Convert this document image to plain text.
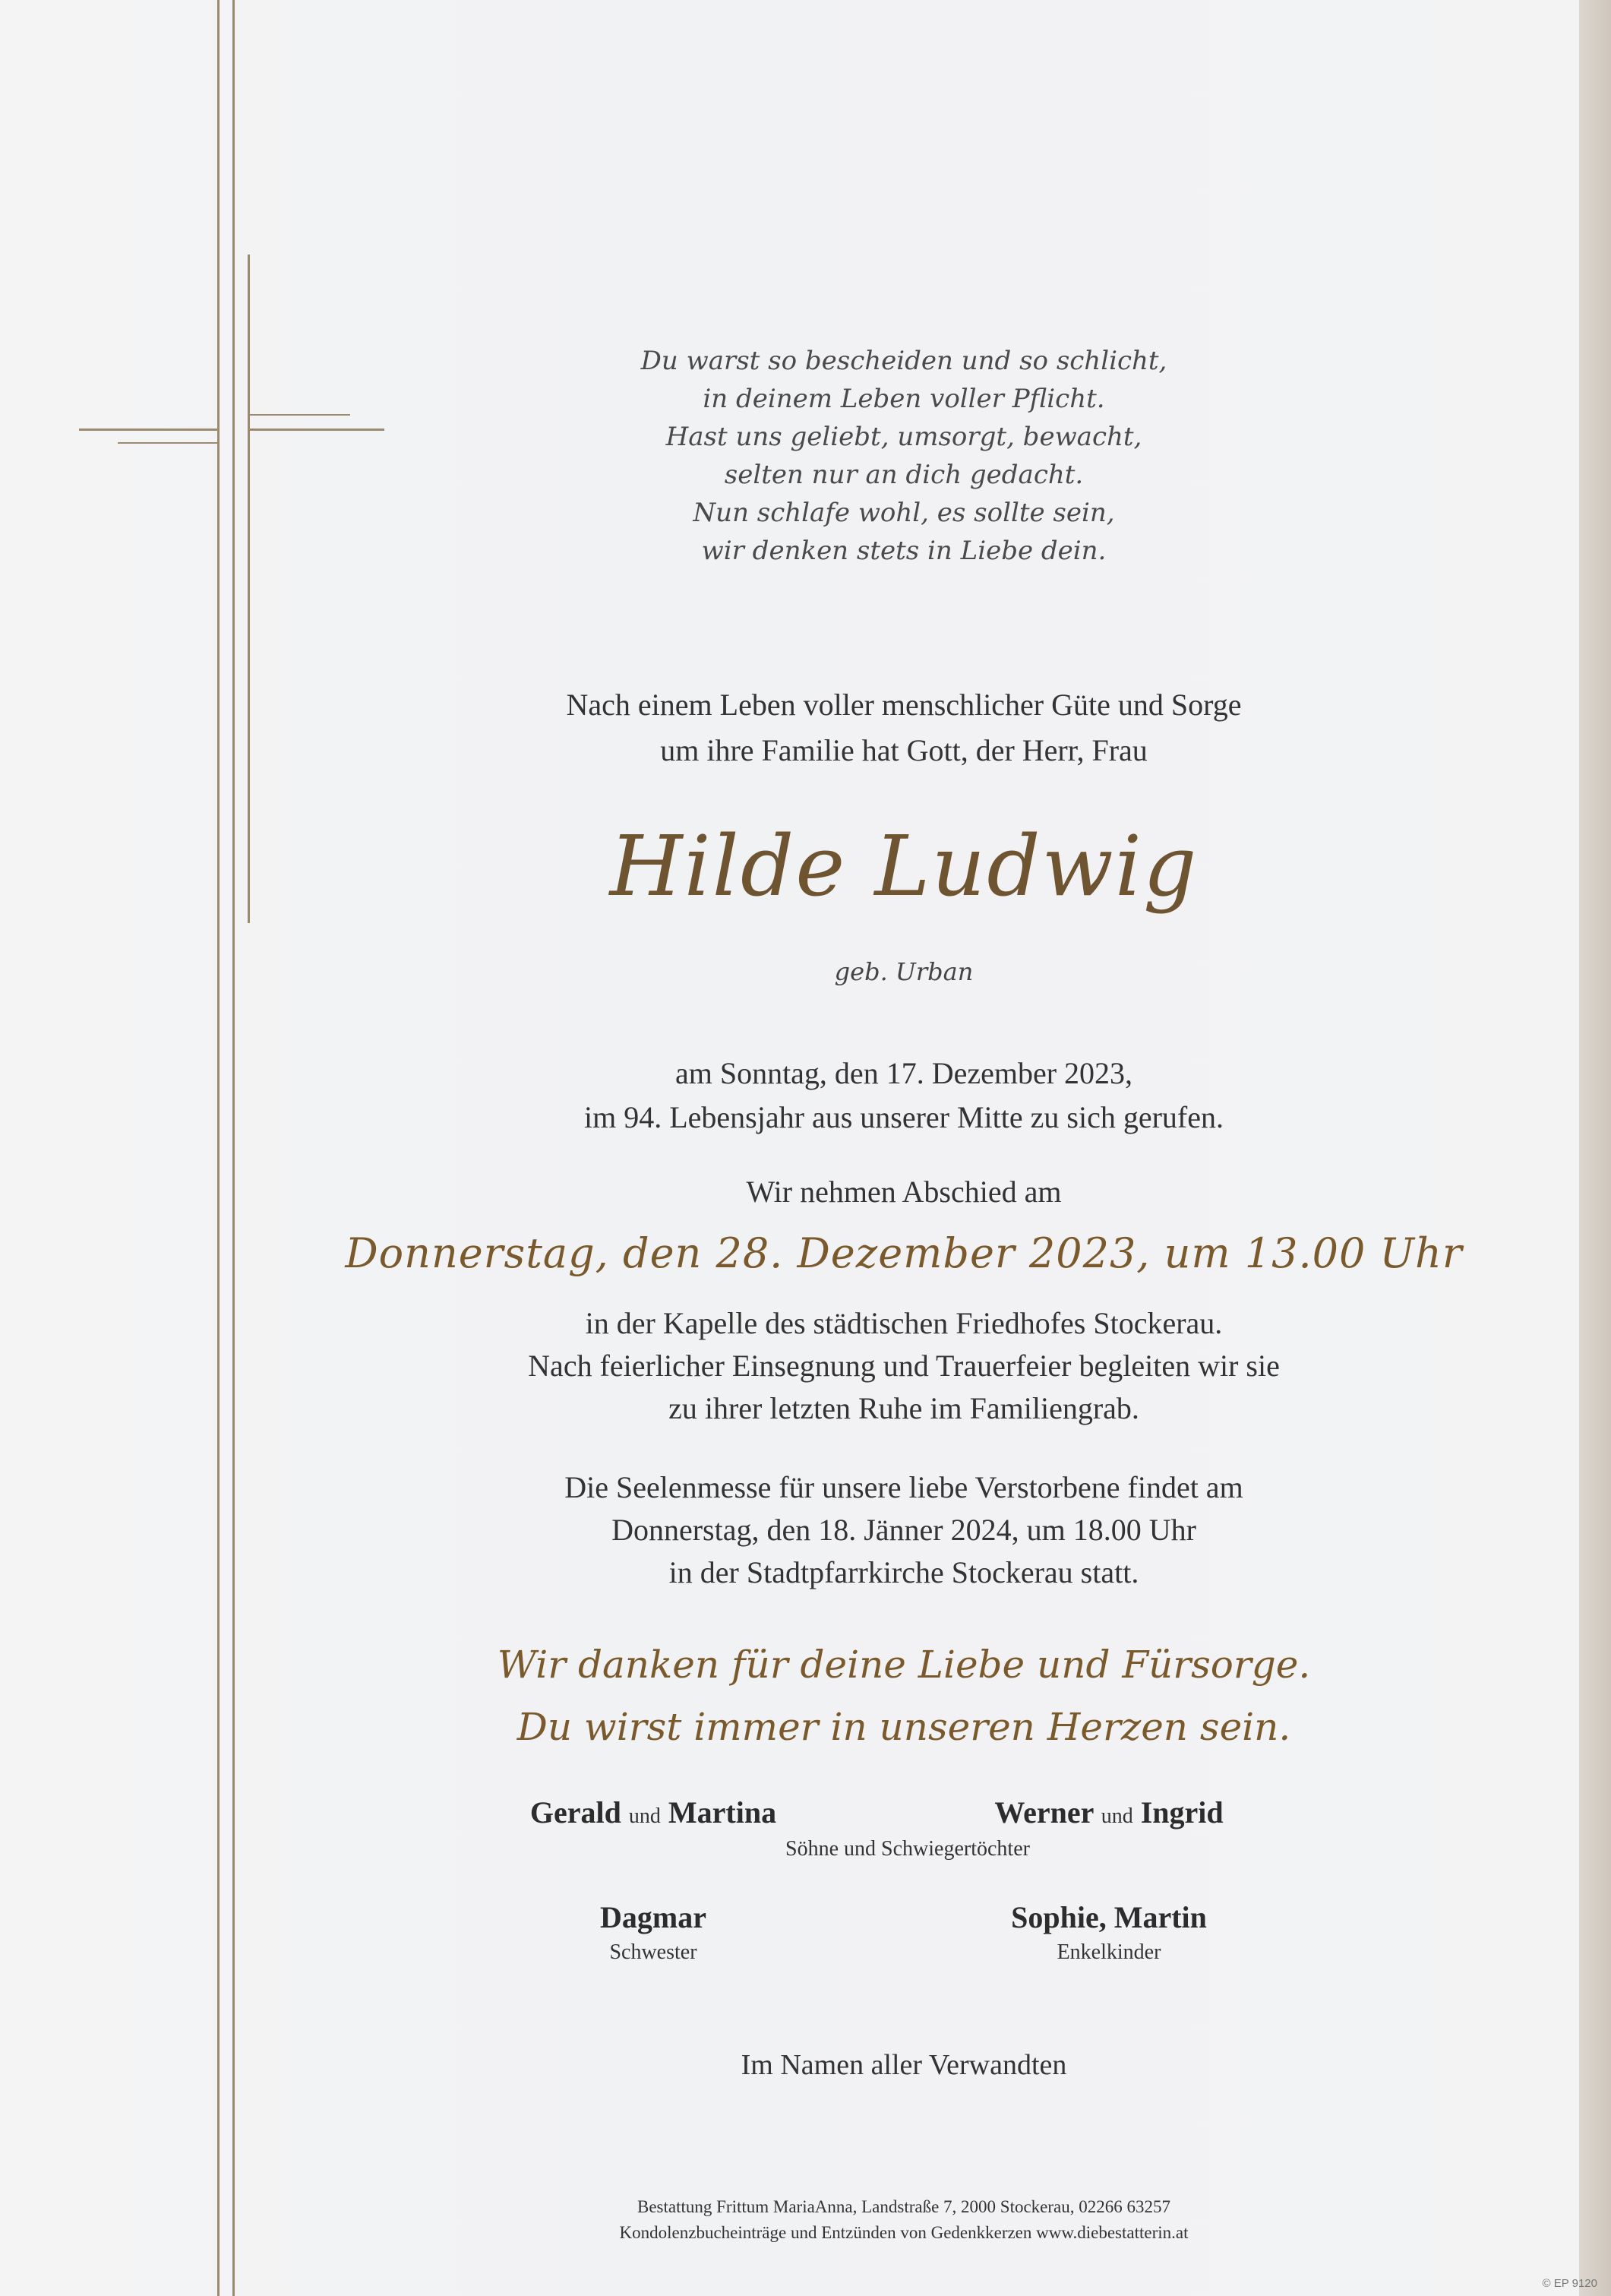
Du warst so bescheiden und so schlicht,
in deinem Leben voller Pflicht.
Hast uns geliebt, umsorgt, bewacht,
selten nur an dich gedacht.
Nun schlafe wohl, es sollte sein,
wir denken stets in Liebe dein.
Nach einem Leben voller menschlicher Güte und Sorge
um ihre Familie hat Gott, der Herr, Frau
Hilde Ludwig
geb. Urban
am Sonntag, den 17. Dezember 2023,
im 94. Lebensjahr aus unserer Mitte zu sich gerufen.
Wir nehmen Abschied am
Donnerstag, den 28. Dezember 2023, um 13.00 Uhr
in der Kapelle des städtischen Friedhofes Stockerau.
Nach feierlicher Einsegnung und Trauerfeier begleiten wir sie
zu ihrer letzten Ruhe im Familiengrab.
Die Seelenmesse für unsere liebe Verstorbene findet am
Donnerstag, den 18. Jänner 2024, um 18.00 Uhr
in der Stadtpfarrkirche Stockerau statt.
Wir danken für deine Liebe und Fürsorge.
Du wirst immer in unseren Herzen sein.
Gerald und Martina	Werner und Ingrid
Söhne und Schwiegertöchter
Dagmar
Schwester
Sophie, Martin
Enkelkinder
Im Namen aller Verwandten
Bestattung Frittum MariaAnna, Landstraße 7, 2000 Stockerau, 02266 63257
Kondolenzbucheinträge und Entzünden von Gedenkkerzen www.diebestatterin.at
© EP 9120
